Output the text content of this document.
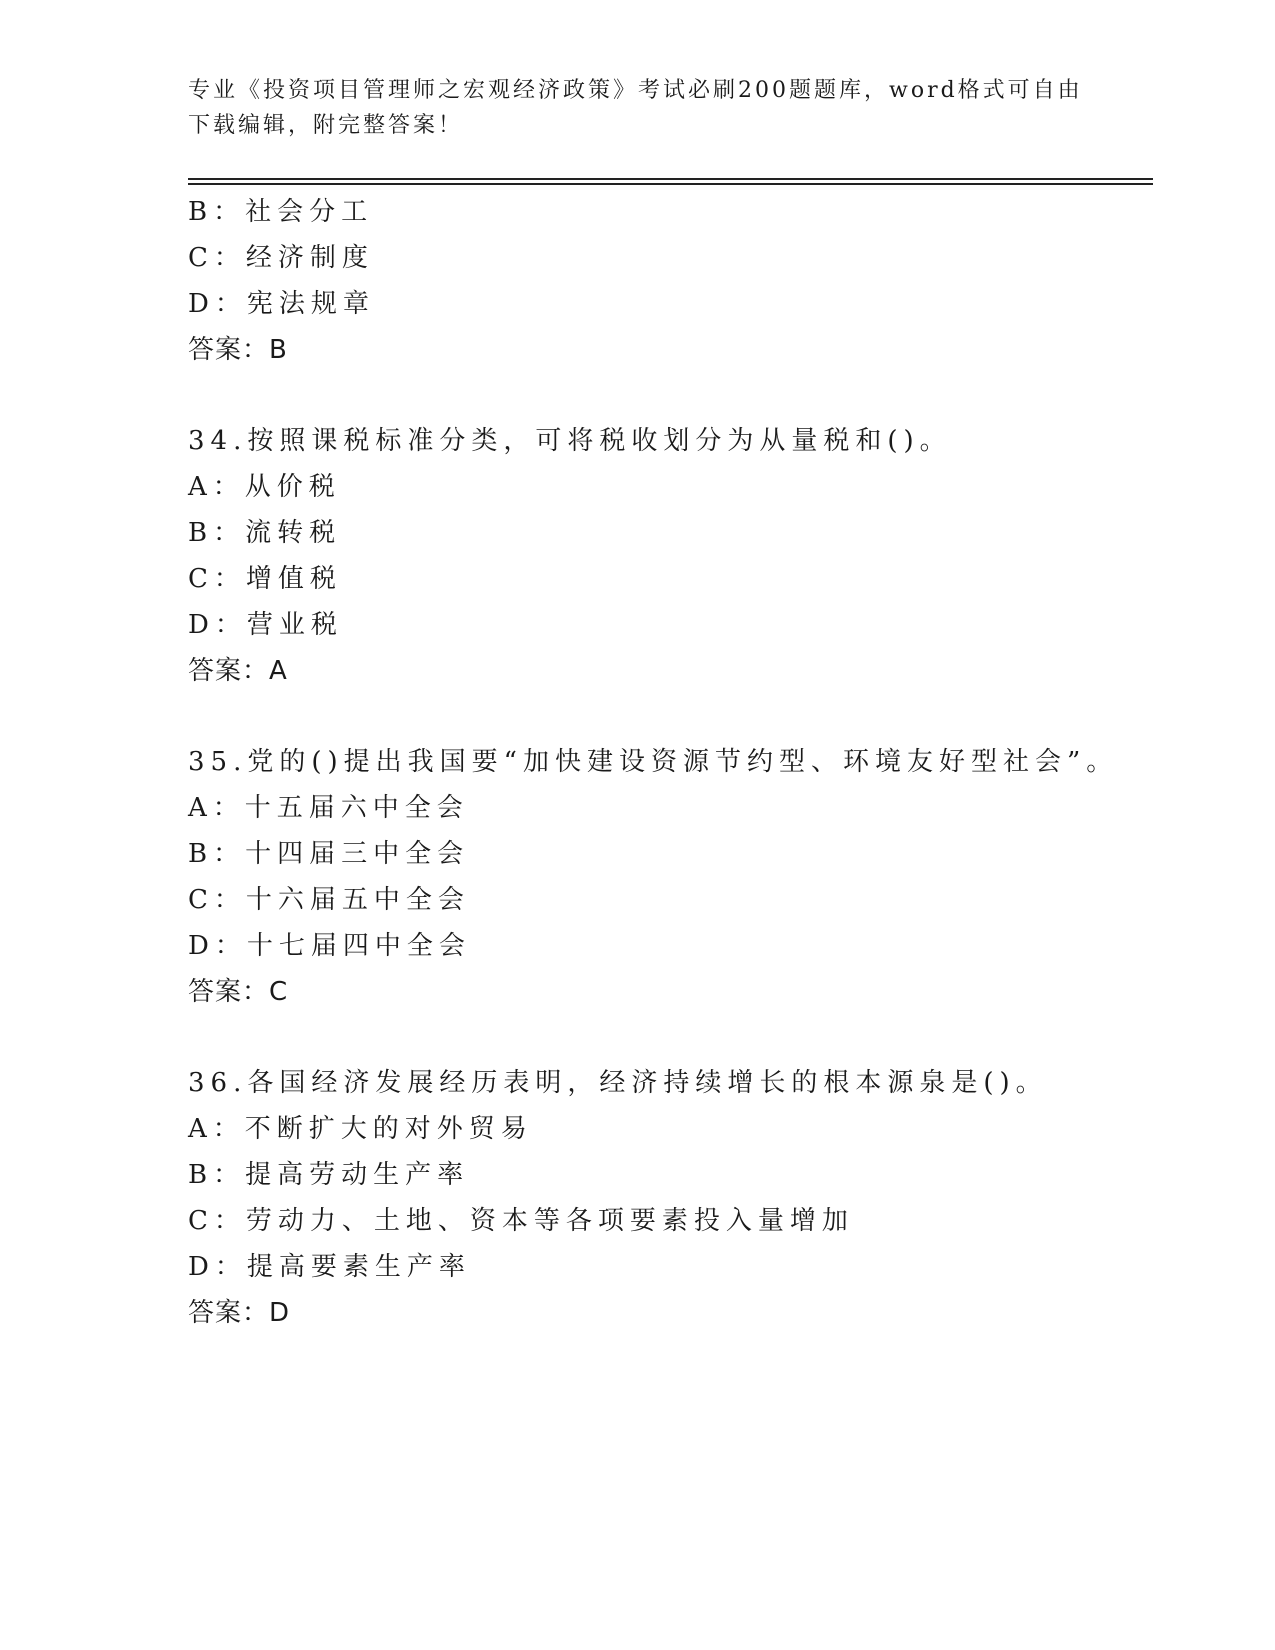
专业《投资项目管理师之宏观经济政策》考试必刷200题题库，word格式可自由
下载编辑，附完整答案！
B：社会分工
C：经济制度
D：宪法规章
答案：B
34.按照课税标准分类，可将税收划分为从量税和()。
A：从价税
B：流转税
C：增值税
D：营业税
答案：A
35.党的()提出我国要“加快建设资源节约型、环境友好型社会”。
A：十五届六中全会
B：十四届三中全会
C：十六届五中全会
D：十七届四中全会
答案：C
36.各国经济发展经历表明，经济持续增长的根本源泉是()。
A：不断扩大的对外贸易
B：提高劳动生产率
C：劳动力、土地、资本等各项要素投入量增加
D：提高要素生产率
答案：D
